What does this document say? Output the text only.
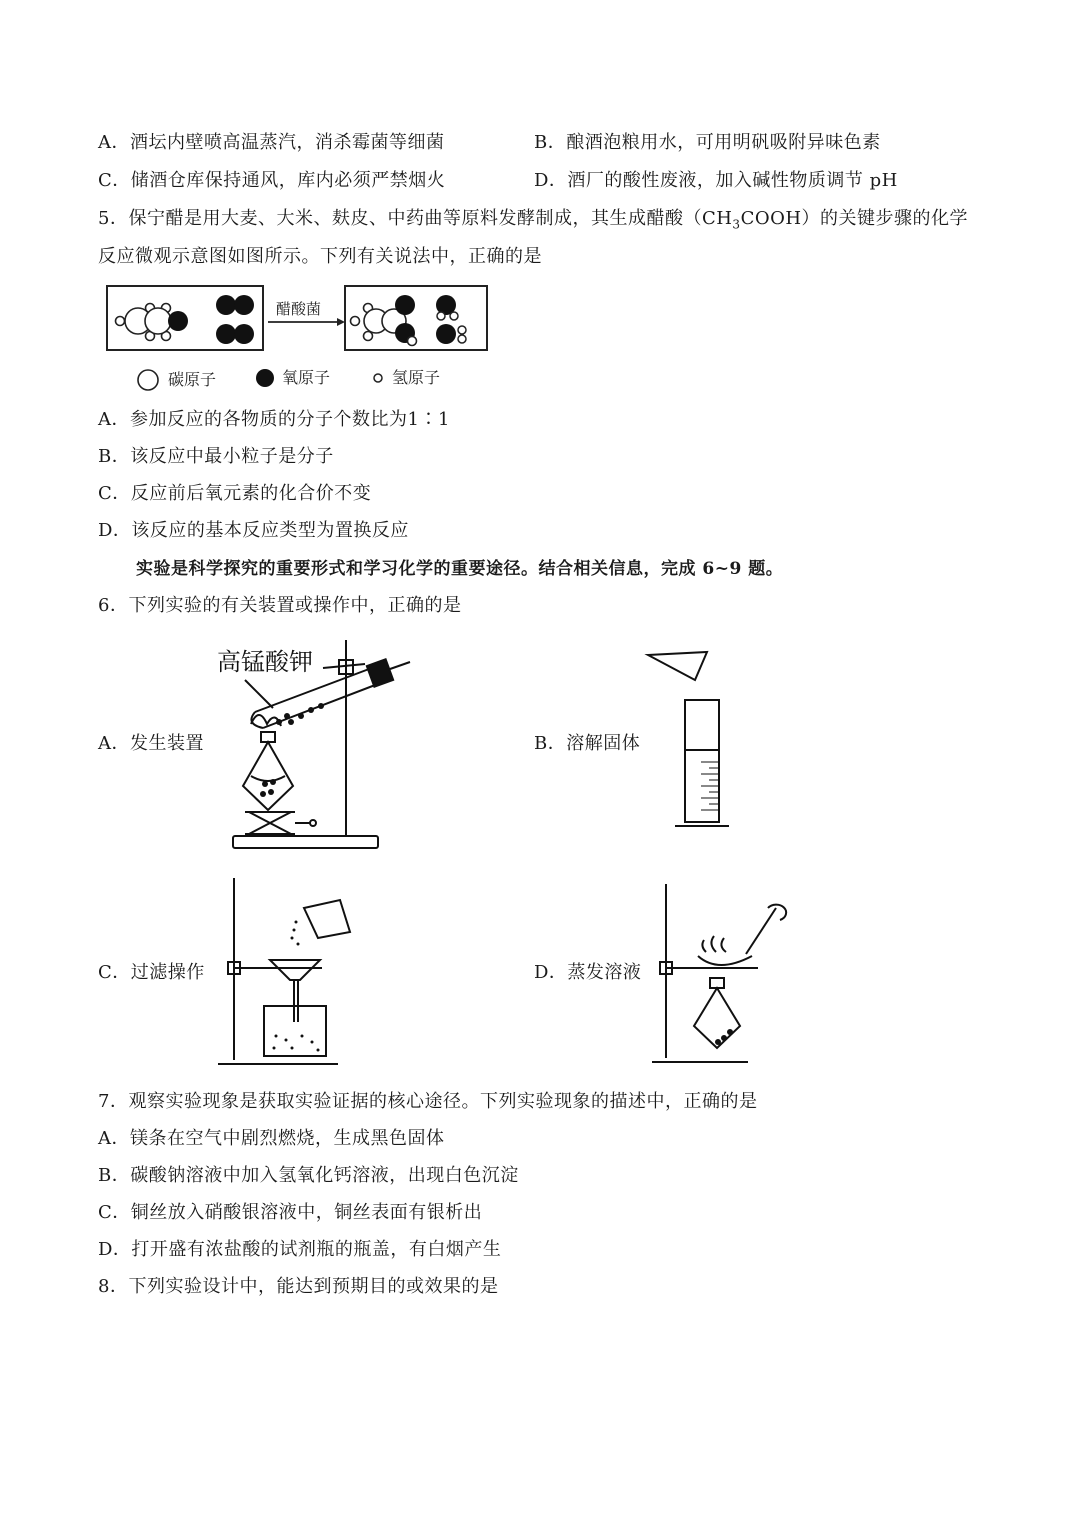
A．酒坛内壁喷高温蒸汽，消杀霉菌等细菌	B．酿酒泡粮用水，可用明矾吸附异味色素
C．储酒仓库保持通风，库内必须严禁烟火	D．酒厂的酸性废液，加入碱性物质调节 pH
5．保宁醋是用大麦、大米、麸皮、中药曲等原料发酵制成，其生成醋酸$(CH_3COOH)$的关键步骤的化学
反应微观示意图如图所示。下列有关说法中，正确的是
醋酸菌
碳原子	氧原子	氢原子
A．参加反应的各物质的分子个数比为1∶1
B．该反应中最小粒子是分子
C．反应前后氧元素的化合价不变
D．该反应的基本反应类型为置换反应
实验是科学探究的重要形式和学习化学的重要途径。结合相关信息，完成 6~9 题。
6．下列实验的有关装置或操作中，正确的是
A．发生装置	B．溶解固体
C．过滤操作	D．蒸发溶液
高锰酸钾
7．观察实验现象是获取实验证据的核心途径。下列实验现象的描述中，正确的是
A．镁条在空气中剧烈燃烧，生成黑色固体
B．碳酸钠溶液中加入氢氧化钙溶液，出现白色沉淀
C．铜丝放入硝酸银溶液中，铜丝表面有银析出
D．打开盛有浓盐酸的试剂瓶的瓶盖，有白烟产生
8．下列实验设计中，能达到预期目的或效果的是
